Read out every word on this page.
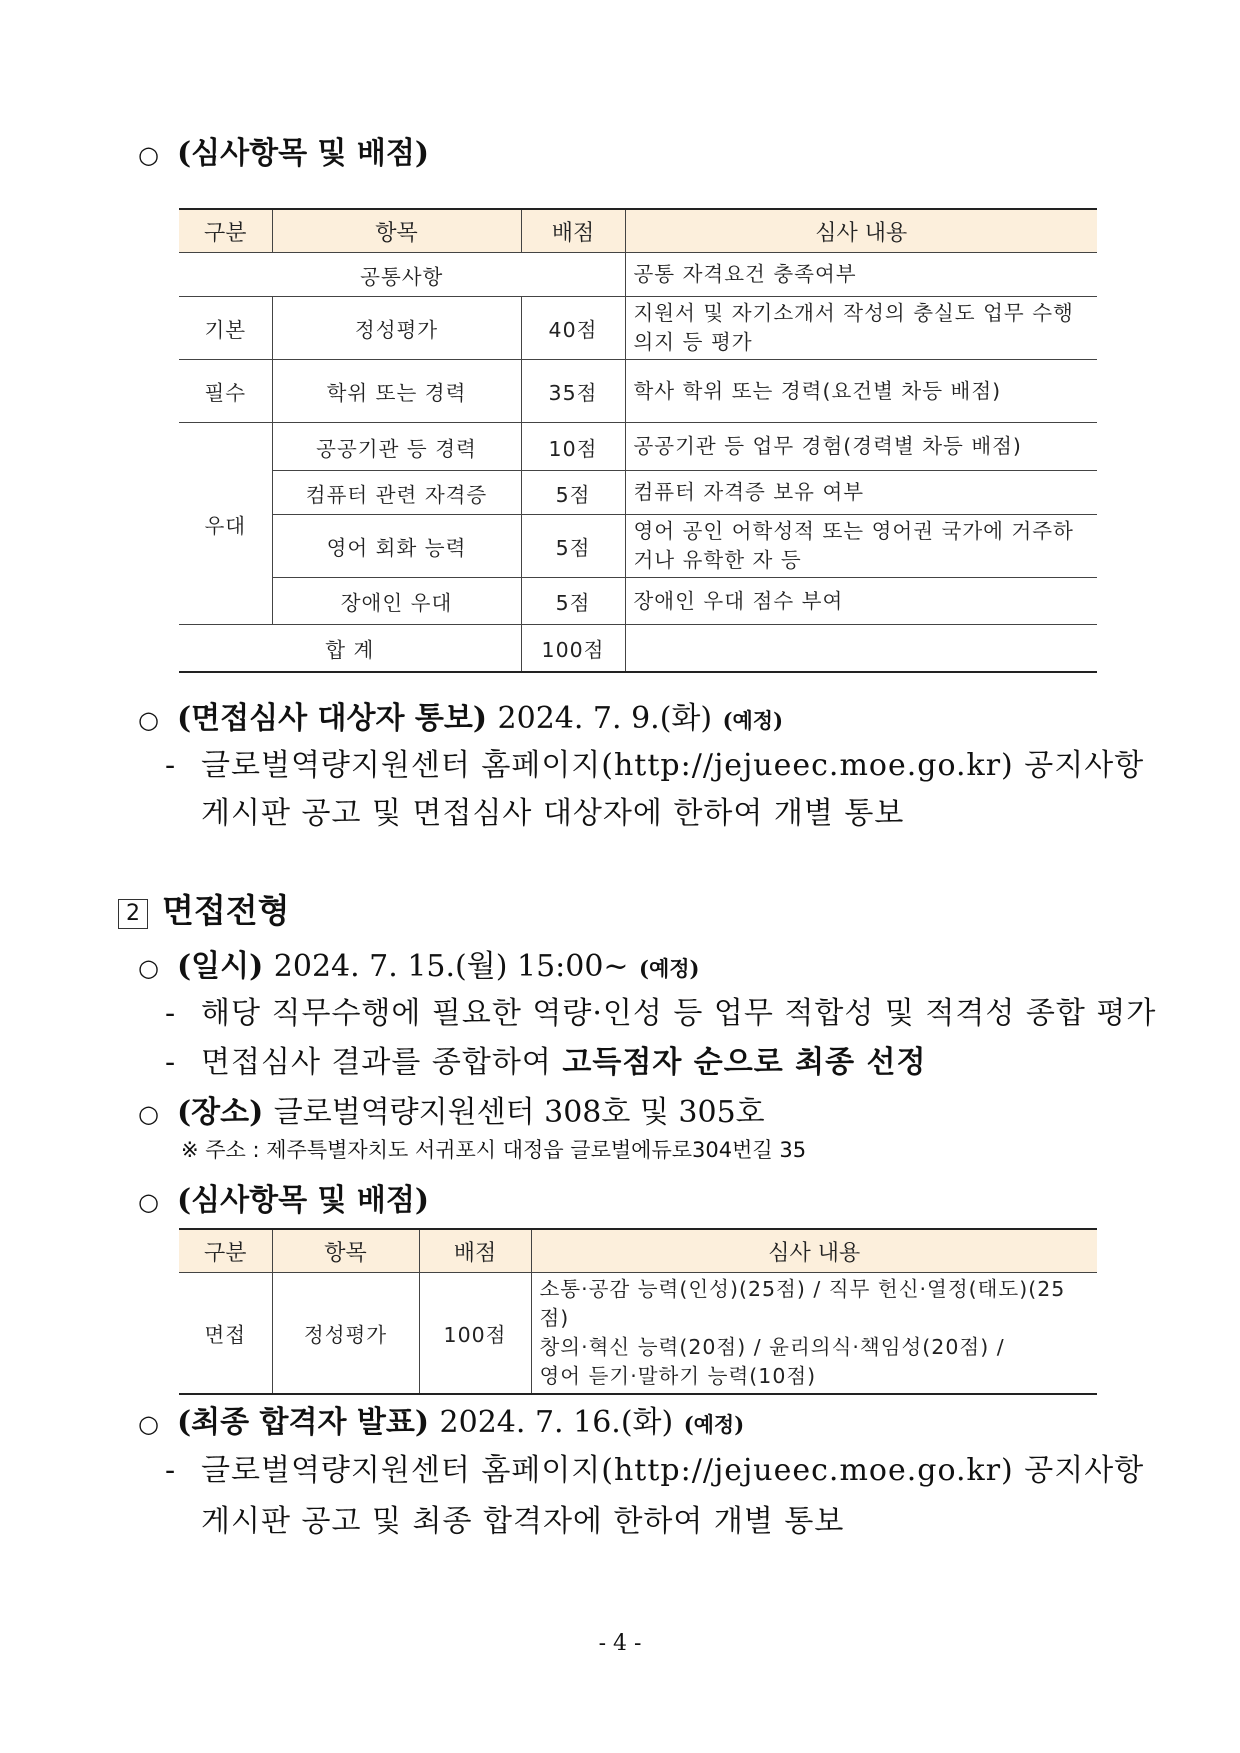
○ (심사항목 및 배점)
구분	항목	배점	심사 내용
공통사항			공통 자격요건 충족여부
기본	정성평가	40점	지원서 및 자기소개서 작성의 충실도 업무 수행의지 등 평가
필수	학위 또는 경력	35점	학사 학위 또는 경력(요건별 차등 배점)
우대	공공기관 등 경력	10점	공공기관 등 업무 경험(경력별 차등 배점)
	컴퓨터 관련 자격증	5점	컴퓨터 자격증 보유 여부
	영어 회화 능력	5점	영어 공인 어학성적 또는 영어권 국가에 거주하거나 유학한 자 등
	장애인 우대	5점	장애인 우대 점수 부여
합 계		100점	
○ (면접심사 대상자 통보) 2024. 7. 9.(화) (예정)
- 글로벌역량지원센터 홈페이지(http://jejueec.moe.go.kr) 공지사항
게시판 공고 및 면접심사 대상자에 한하여 개별 통보
2 면접전형
○ (일시) 2024. 7. 15.(월) 15:00~ (예정)
- 해당 직무수행에 필요한 역량·인성 등 업무 적합성 및 적격성 종합 평가
- 면접심사 결과를 종합하여 고득점자 순으로 최종 선정
○ (장소) 글로벌역량지원센터 308호 및 305호
※ 주소 : 제주특별자치도 서귀포시 대정읍 글로벌에듀로304번길 35
○ (심사항목 및 배점)
구분	항목	배점	심사 내용
면접	정성평가	100점	소통·공감 능력(인성)(25점) / 직무 헌신·열정(태도)(25점)
창의·혁신 능력(20점) / 윤리의식·책임성(20점) /
영어 듣기·말하기 능력(10점)
○ (최종 합격자 발표) 2024. 7. 16.(화) (예정)
- 글로벌역량지원센터 홈페이지(http://jejueec.moe.go.kr) 공지사항
게시판 공고 및 최종 합격자에 한하여 개별 통보
- 4 -
